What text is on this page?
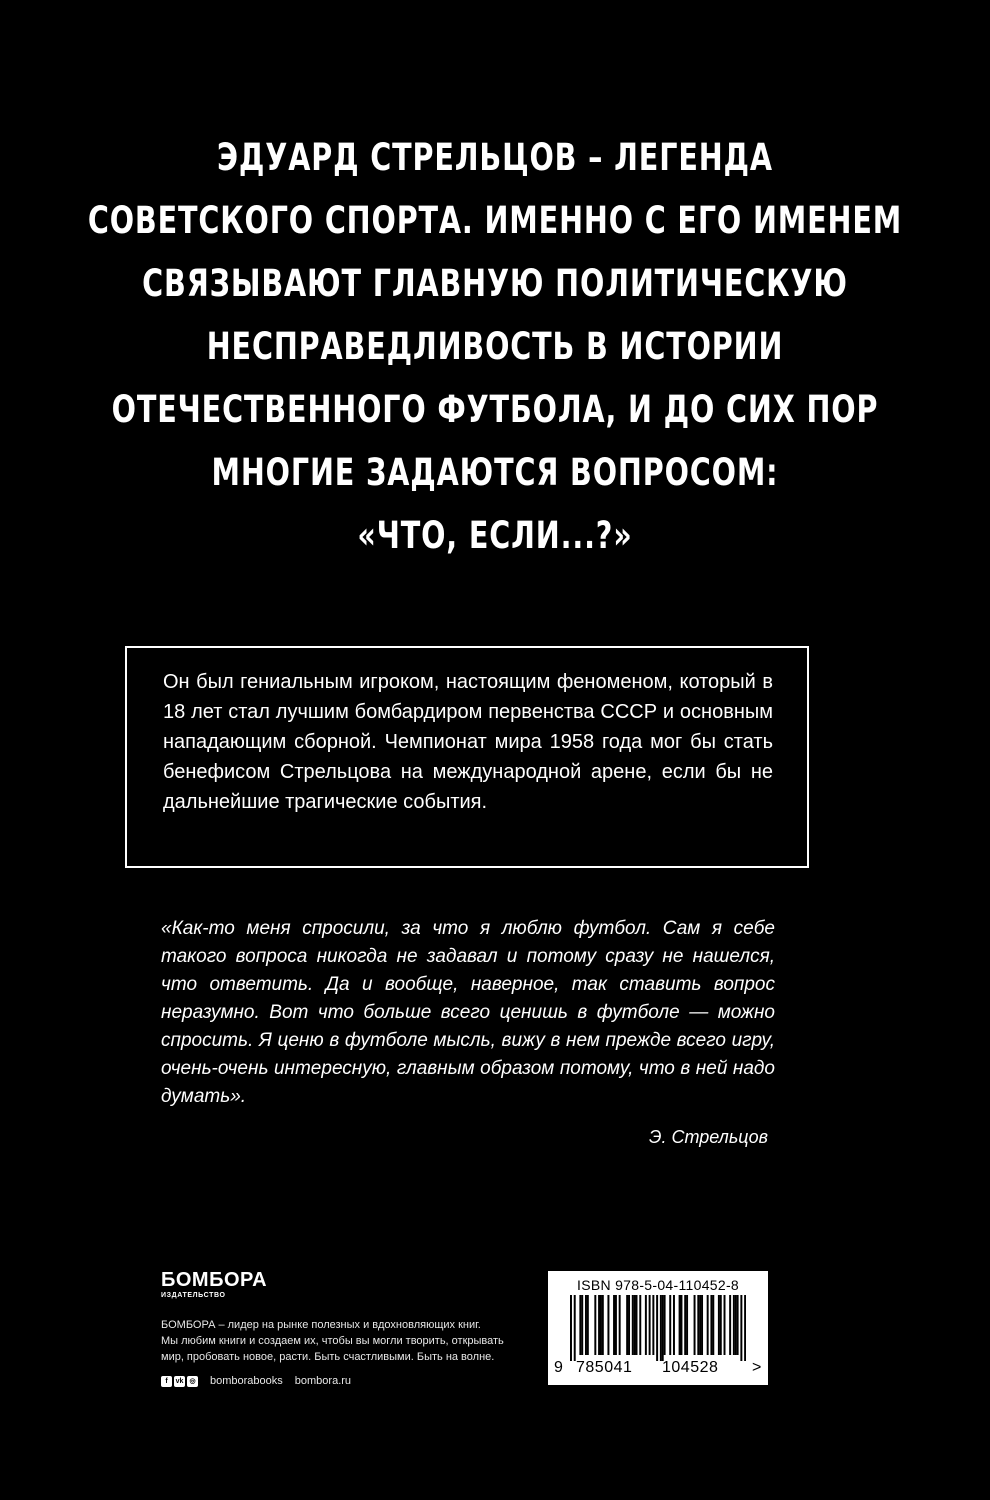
ЭДУАРД СТРЕЛЬЦОВ – ЛЕГЕНДА
СОВЕТСКОГО СПОРТА. ИМЕННО С ЕГО ИМЕНЕМ
СВЯЗЫВАЮТ ГЛАВНУЮ ПОЛИТИЧЕСКУЮ
НЕСПРАВЕДЛИВОСТЬ В ИСТОРИИ
ОТЕЧЕСТВЕННОГО ФУТБОЛА, И ДО СИХ ПОР
МНОГИЕ ЗАДАЮТСЯ ВОПРОСОМ:
«ЧТО, ЕСЛИ...?»

Он был гениальным игроком, настоящим феноменом, который в 18 лет стал лучшим бомбардиром первенства СССР и основным нападающим сборной. Чемпионат мира 1958 года мог бы стать бенефисом Стрельцова на международной арене, если бы не дальнейшие трагические события.

«Как-то меня спросили, за что я люблю футбол. Сам я себе такого вопроса никогда не задавал и потому сразу не нашелся, что ответить. Да и вообще, наверное, так ставить вопрос неразумно. Вот что больше всего ценишь в футболе — можно спросить. Я ценю в футболе мысль, вижу в нем прежде всего игру, очень-очень интересную, главным образом потому, что в ней надо думать».
Э. Стрельцов
БОМБОРА
ИЗДАТЕЛЬСТВО
БОМБОРА – лидер на рынке полезных и вдохновляющих книг.
Мы любим книги и создаем их, чтобы вы могли творить, открывать
мир, пробовать новое, расти. Быть счастливыми. Быть на волне.
f	vk ◎ bomborabooks bombora.ru
ISBN 978-5-04-110452-8
9 785041 104528 >
